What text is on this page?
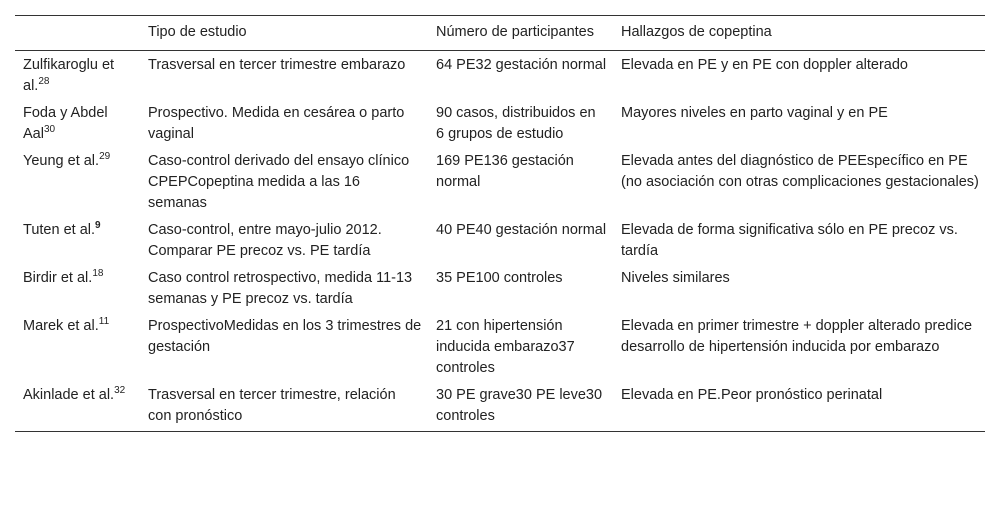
	Tipo de estudio	Número de participantes	Hallazgos de copeptina
Zulfikaroglu et al.$^{28}$	Trasversal en tercer trimestre embarazo	64 PE32 gestación normal	Elevada en PE y en PE con doppler alterado
Foda y Abdel Aal$^{30}$	Prospectivo. Medida en cesárea o parto vaginal	90 casos, distribuidos en 6 grupos de estudio	Mayores niveles en parto vaginal y en PE
Yeung et al.$^{29}$	Caso-control derivado del ensayo clínico CPEPCopeptina medida a las 16 semanas	169 PE136 gestación normal	Elevada antes del diagnóstico de PEEspecífico en PE (no asociación con otras complicaciones gestacionales)
Tuten et al.$^9$	Caso-control, entre mayo-julio 2012. Comparar PE precoz vs. PE tardía	40 PE40 gestación normal	Elevada de forma significativa sólo en PE precoz vs. tardía
Birdir et al.$^{18}$	Caso control retrospectivo, medida 11-13 semanas y PE precoz vs. tardía	35 PE100 controles	Niveles similares
Marek et al.$^{11}$	ProspectivoMedidas en los 3 trimestres de gestación	21 con hipertensión inducida embarazo37 controles	Elevada en primer trimestre + doppler alterado predice desarrollo de hipertensión inducida por embarazo
Akinlade et al.$^{32}$	Trasversal en tercer trimestre, relación con pronóstico	30 PE grave30 PE leve30 controles	Elevada en PE.Peor pronóstico perinatal
